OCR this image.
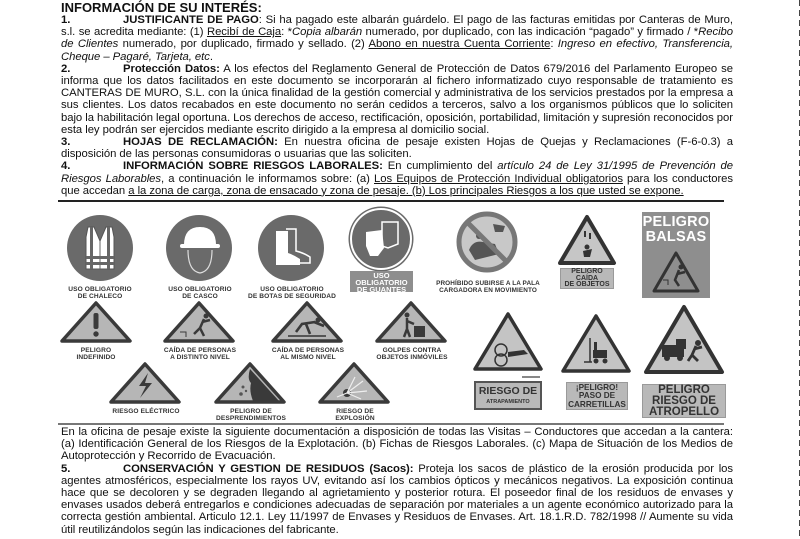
INFORMACIÓN DE SU INTERÉS:
1.	JUSTIFICANTE DE PAGO: Si ha pagado este albarán guárdelo. El pago de las facturas emitidas por Canteras de Muro, s.l. se acredita mediante: (1) Recibí de Caja: *Copia albarán numerado, por duplicado, con las indicación “pagado” y firmado / *Recibo de Clientes numerado, por duplicado, firmado y sellado. (2) Abono en nuestra Cuenta Corriente: Ingreso en efectivo, Transferencia, Cheque – Pagaré, Tarjeta, etc.
2.	Protección Datos: A los efectos del Reglamento General de Protección de Datos 679/2016 del Parlamento Europeo se informa que los datos facilitados en este documento se incorporarán al fichero informatizado cuyo responsable de tratamiento es CANTERAS DE MURO, S.L. con la única finalidad de la gestión comercial y administrativa de los servicios prestados por la empresa a sus clientes. Los datos recabados en este documento no serán cedidos a terceros, salvo a los organismos públicos que lo soliciten bajo la habilitación legal oportuna. Los derechos de acceso, rectificación, oposición, portabilidad, limitación y supresión reconocidos por esta ley podrán ser ejercidos mediante escrito dirigido a la empresa al domicilio social.
3.	HOJAS DE RECLAMACIÓN: En nuestra oficina de pesaje existen Hojas de Quejas y Reclamaciones (F-6-0.3) a disposición de las personas consumidoras o usuarias que las soliciten.
4.	INFORMACIÓN SOBRE RIESGOS LABORALES: En cumplimiento del artículo 24 de Ley 31/1995 de Prevención de Riesgos Laborables, a continuación le informamos sobre: (a) Los Equipos de Protección Individual obligatorios para los conductores que accedan a la zona de carga, zona de ensacado y zona de pesaje. (b) Los principales Riesgos a los que usted se expone.
USO OBLIGATORIO
DE CHALECO
USO OBLIGATORIO
DE CASCO
USO OBLIGATORIO
DE BOTAS DE SEGURIDAD
USO
OBLIGATORIO
DE GUANTES
PROHÍBIDO SUBIRSE A LA PALA
CARGADORA EN MOVIMIENTO
PELIGRO
CAÍDA
DE OBJETOS
PELIGRO
BALSAS
PELIGRO
INDEFINIDO
CAÍDA DE PERSONAS
A DISTINTO NIVEL
CAÍDA DE PERSONAS
AL MISMO NIVEL
GOLPES CONTRA
OBJETOS INMÓVILES
RIESGO ELÉCTRICO	PELIGRO DE
DESPRENDIMIENTOS
RIESGO DE
EXPLOSIÓN
RIESGO DE
ATRAPAMIENTO
¡PELIGRO!
PASO DE
CARRETILLAS
PELIGRO
RIESGO DE
ATROPELLO
En la oficina de pesaje existe la siguiente documentación a disposición de todas las Visitas – Conductores que accedan a la cantera: (a) Identificación General de los Riesgos de la Explotación. (b) Fichas de Riesgos Laborales. (c) Mapa de Situación de los Medios de Autoprotección y Recorrido de Evacuación.
5.	CONSERVACIÓN Y GESTION DE RESIDUOS (Sacos): Proteja los sacos de plástico de la erosión producida por los agentes atmosféricos, especialmente los rayos UV, evitando así los cambios ópticos y mecánicos negativos. La exposición continua hace que se decoloren y se degraden llegando al agrietamiento y posterior rotura. El poseedor final de los residuos de envases y envases usados deberá entregarlos e condiciones adecuadas de separación por materiales a un agente económico autorizado para la correcta gestión ambiental. Articulo 12.1. Ley 11/1997 de Envases y Residuos de Envases. Art. 18.1.R.D. 782/1998 // Aumente su vida útil reutilizándolos según las indicaciones del fabricante.
